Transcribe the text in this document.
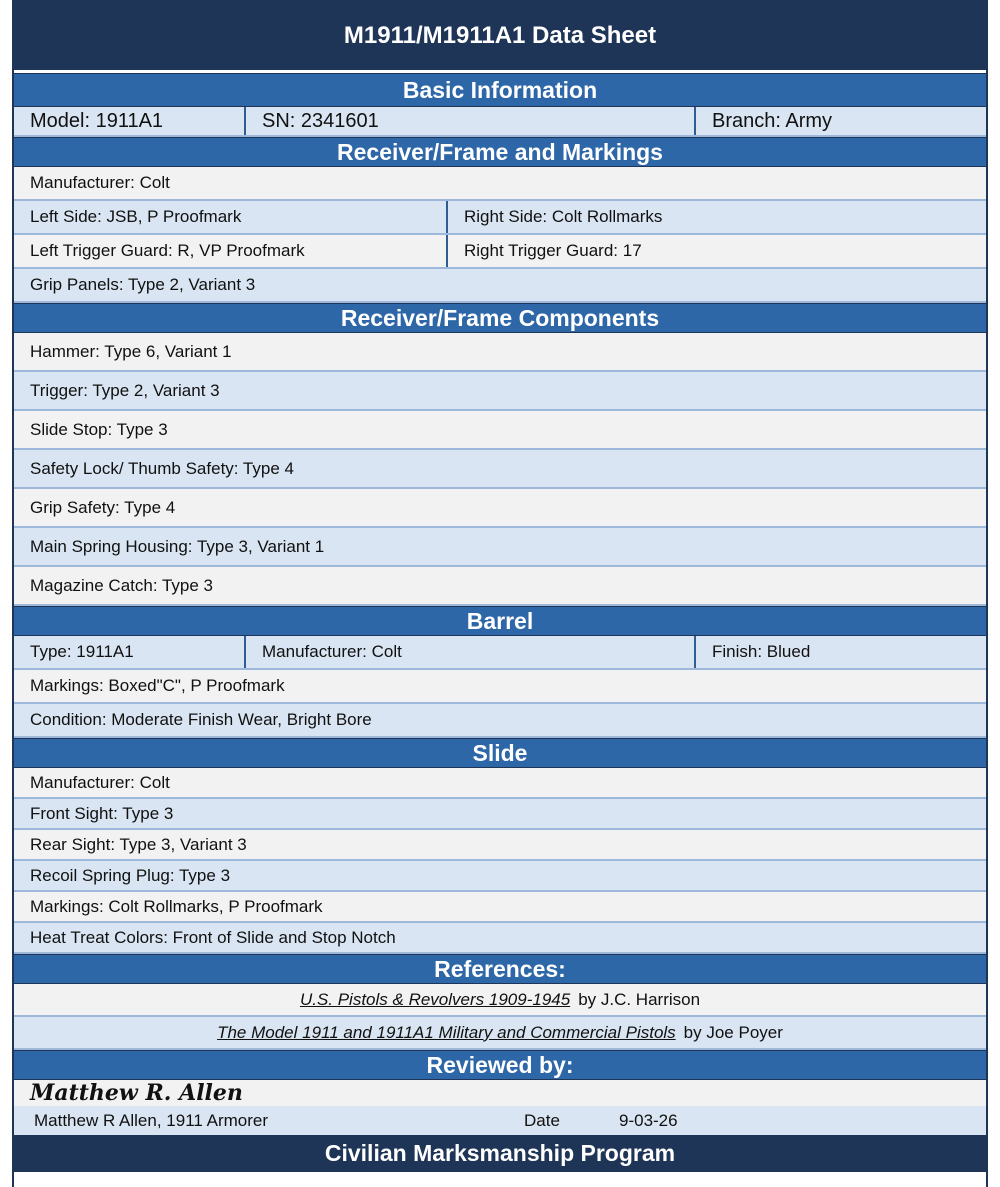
M1911/M1911A1 Data Sheet
Basic Information
Model: 1911A1	SN: 2341601	Branch: Army
Receiver/Frame and Markings
Manufacturer: Colt
Left Side: JSB, P Proofmark	Right Side: Colt Rollmarks
Left Trigger Guard: R, VP Proofmark	Right Trigger Guard: 17
Grip Panels: Type 2, Variant 3
Receiver/Frame Components
Hammer: Type 6, Variant 1
Trigger: Type 2, Variant 3
Slide Stop: Type 3
Safety Lock/ Thumb Safety: Type 4
Grip Safety: Type 4
Main Spring Housing: Type 3, Variant 1
Magazine Catch: Type 3
Barrel
Type: 1911A1	Manufacturer: Colt	Finish: Blued
Markings: Boxed"C", P Proofmark
Condition: Moderate Finish Wear, Bright Bore
Slide
Manufacturer: Colt
Front Sight: Type 3
Rear Sight: Type 3, Variant 3
Recoil Spring Plug: Type 3
Markings: Colt Rollmarks, P Proofmark
Heat Treat Colors: Front of Slide and Stop Notch
References:
U.S. Pistols & Revolvers 1909-1945 by J.C. Harrison
The Model 1911 and 1911A1 Military and Commercial Pistols by Joe Poyer
Reviewed by:
Matthew R. Allen
Matthew R Allen, 1911 Armorer	Date	9-03-26
Civilian Marksmanship Program
